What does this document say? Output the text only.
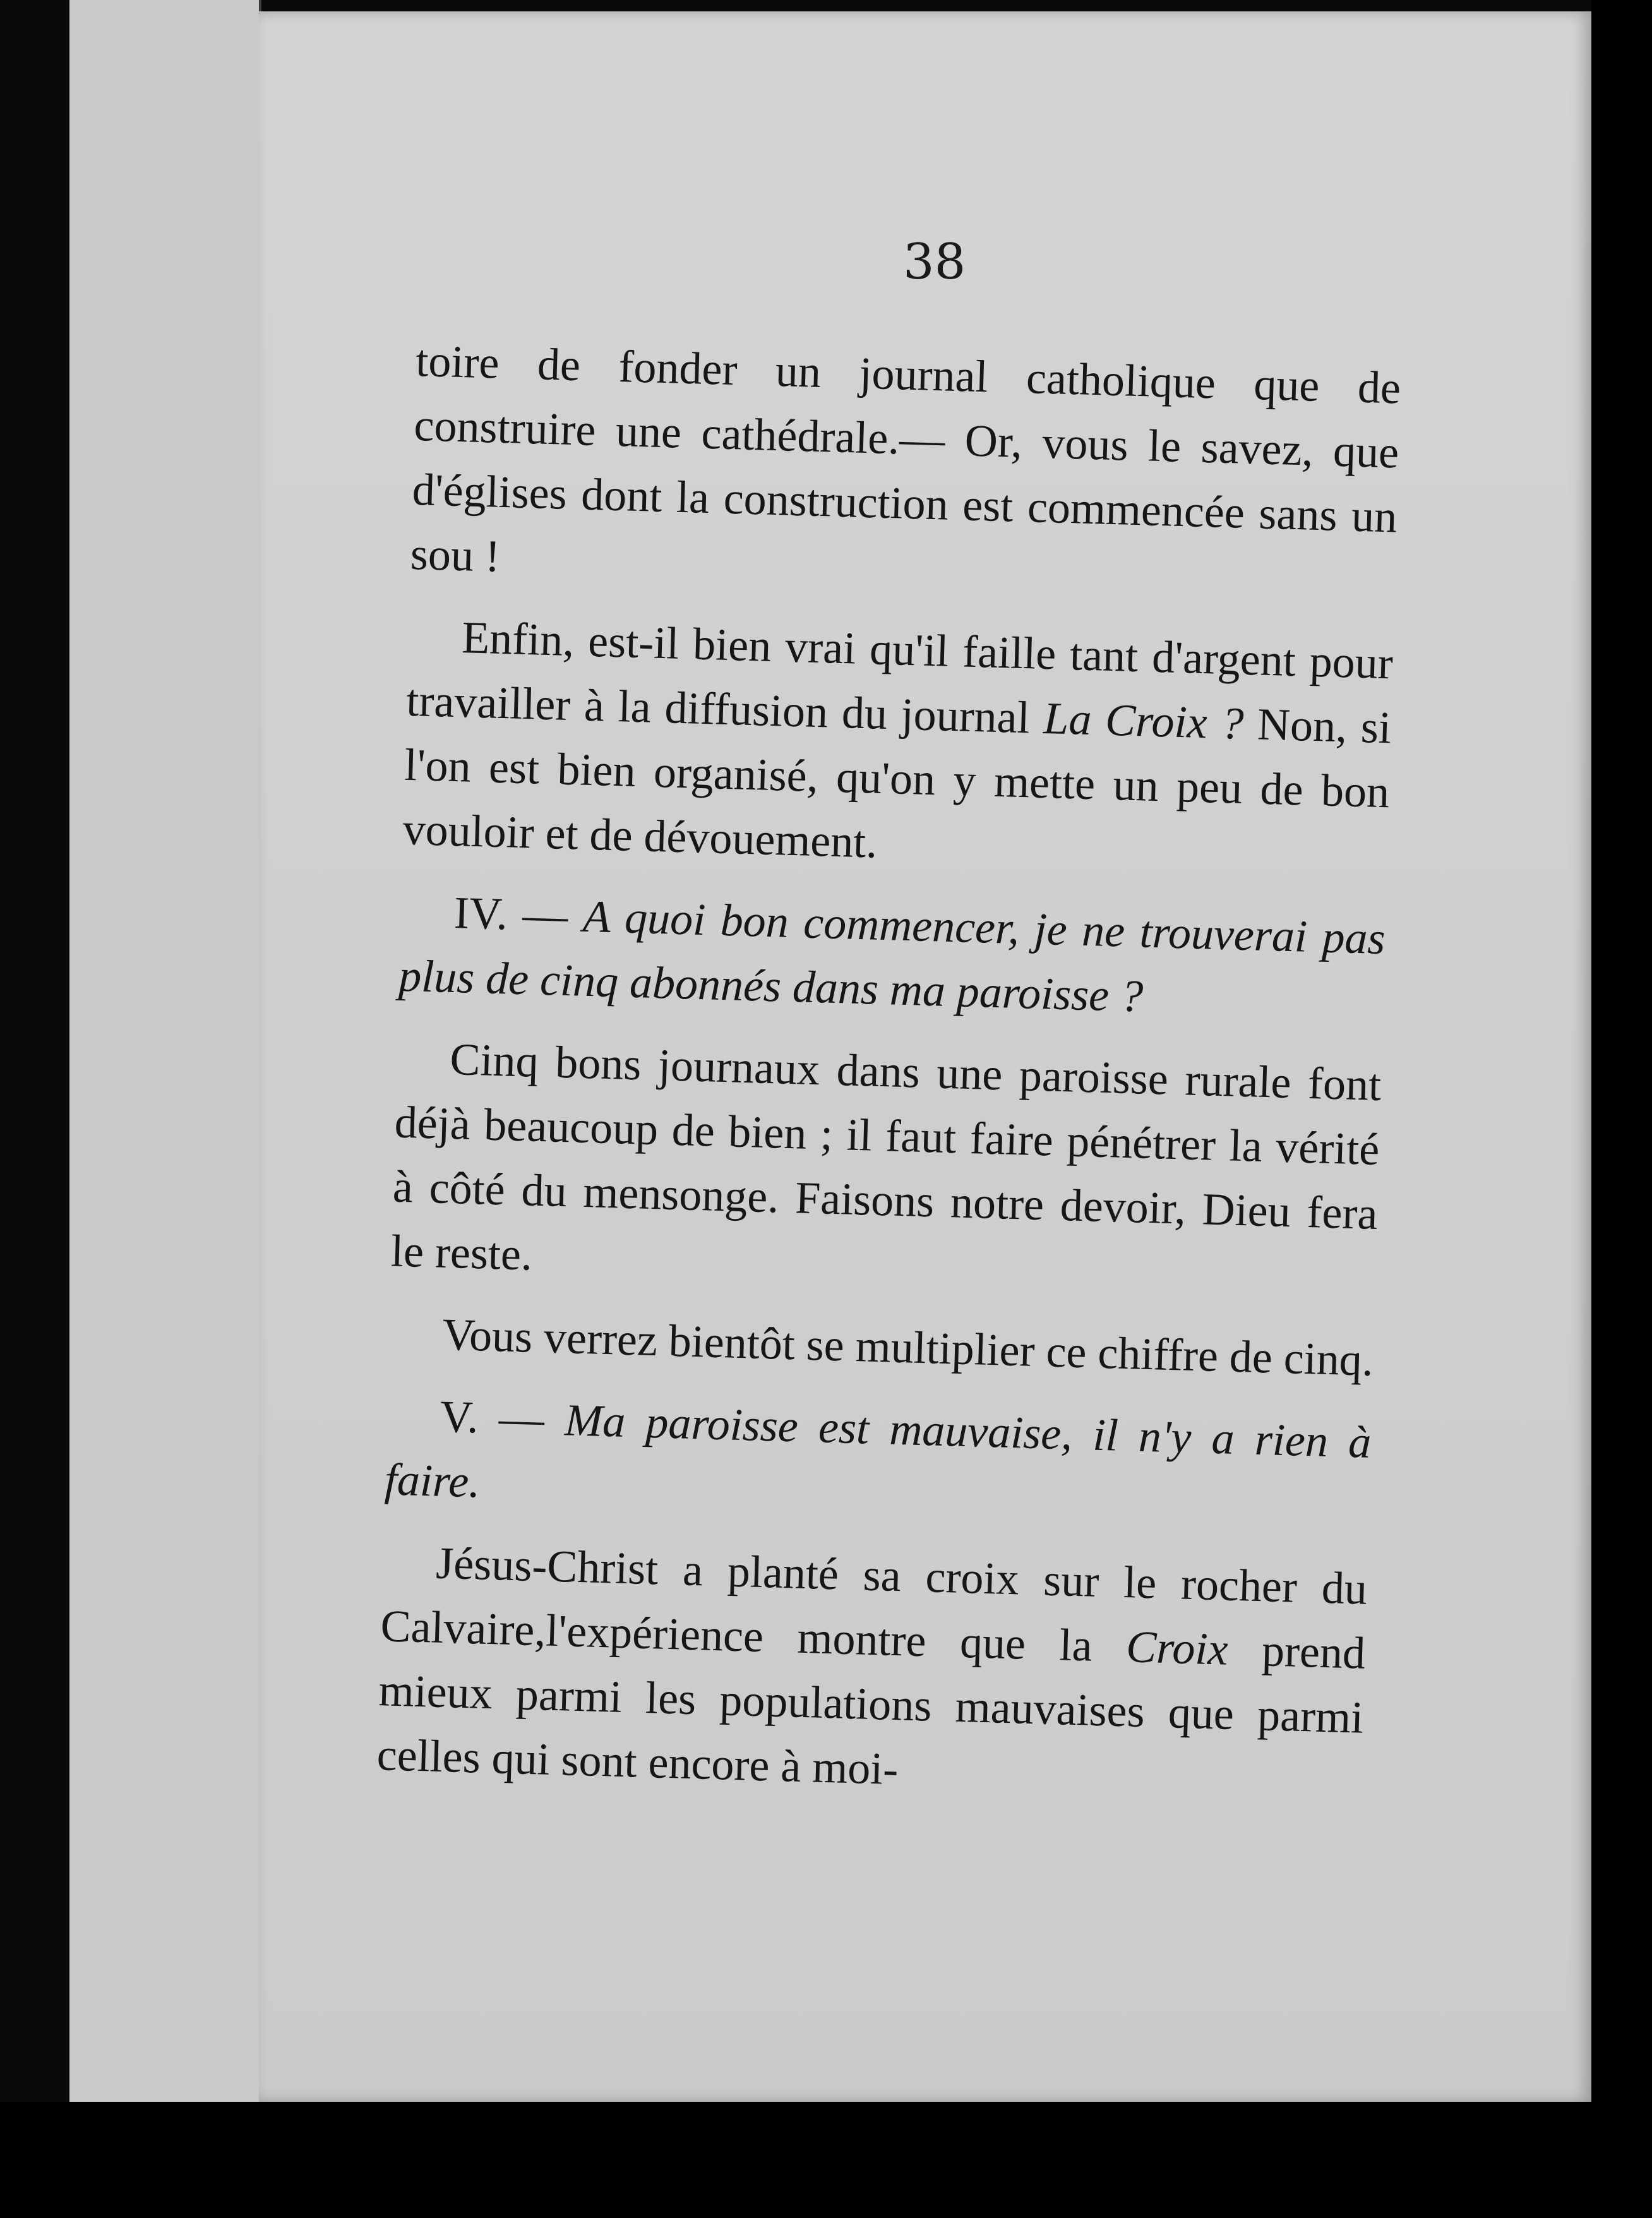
38

toire de fonder un journal catholique que de construire une cathédrale.— Or, vous le savez, que d'églises dont la construction est commencée sans un sou !

Enfin, est-il bien vrai qu'il faille tant d'argent pour travailler à la diffusion du journal La Croix ? Non, si l'on est bien organisé, qu'on y mette un peu de bon vouloir et de dévouement.

IV. — A quoi bon commencer, je ne trouverai pas plus de cinq abonnés dans ma paroisse ?

Cinq bons journaux dans une paroisse rurale font déjà beaucoup de bien ; il faut faire pénétrer la vérité à côté du mensonge. Faisons notre devoir, Dieu fera le reste.

Vous verrez bientôt se multiplier ce chiffre de cinq.

V. — Ma paroisse est mauvaise, il n'y a rien à faire.

Jésus-Christ a planté sa croix sur le rocher du Calvaire,l'expérience montre que la Croix prend mieux parmi les populations mauvaises que parmi celles qui sont encore à moi-
